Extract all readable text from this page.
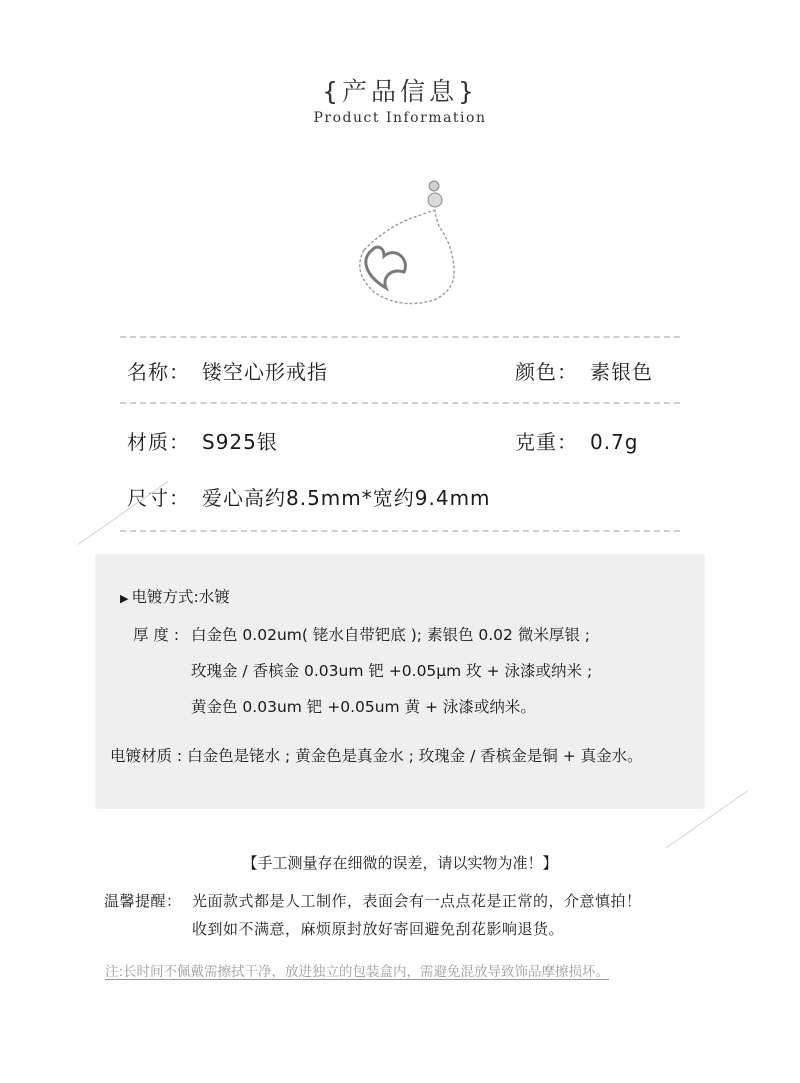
{产品信息}
Product Information
名称： 镂空心形戒指	颜色： 素银色
材质： S925银	克重： 0.7g
尺寸： 爱心高约8.5mm*宽约9.4mm
▶ 电镀方式:水镀
厚 度 : 白金色 0.02um( 铑水自带钯底 ); 素银色 0.02 微米厚银 ;
玫瑰金 / 香槟金 0.03um 钯 +0.05μm 玫 + 泳漆或纳米 ;
黄金色 0.03um 钯 +0.05um 黄 + 泳漆或纳米。
电镀材质 : 白金色是铑水 ; 黄金色是真金水 ; 玫瑰金 / 香槟金是铜 + 真金水。
【手工测量存在细微的误差，请以实物为准！】
温馨提醒： 光面款式都是人工制作，表面会有一点点花是正常的，介意慎拍！
收到如不满意，麻烦原封放好寄回避免刮花影响退货。
注:长时间不佩戴需擦拭干净，放进独立的包装盒内，需避免混放导致饰品摩擦损坏。
